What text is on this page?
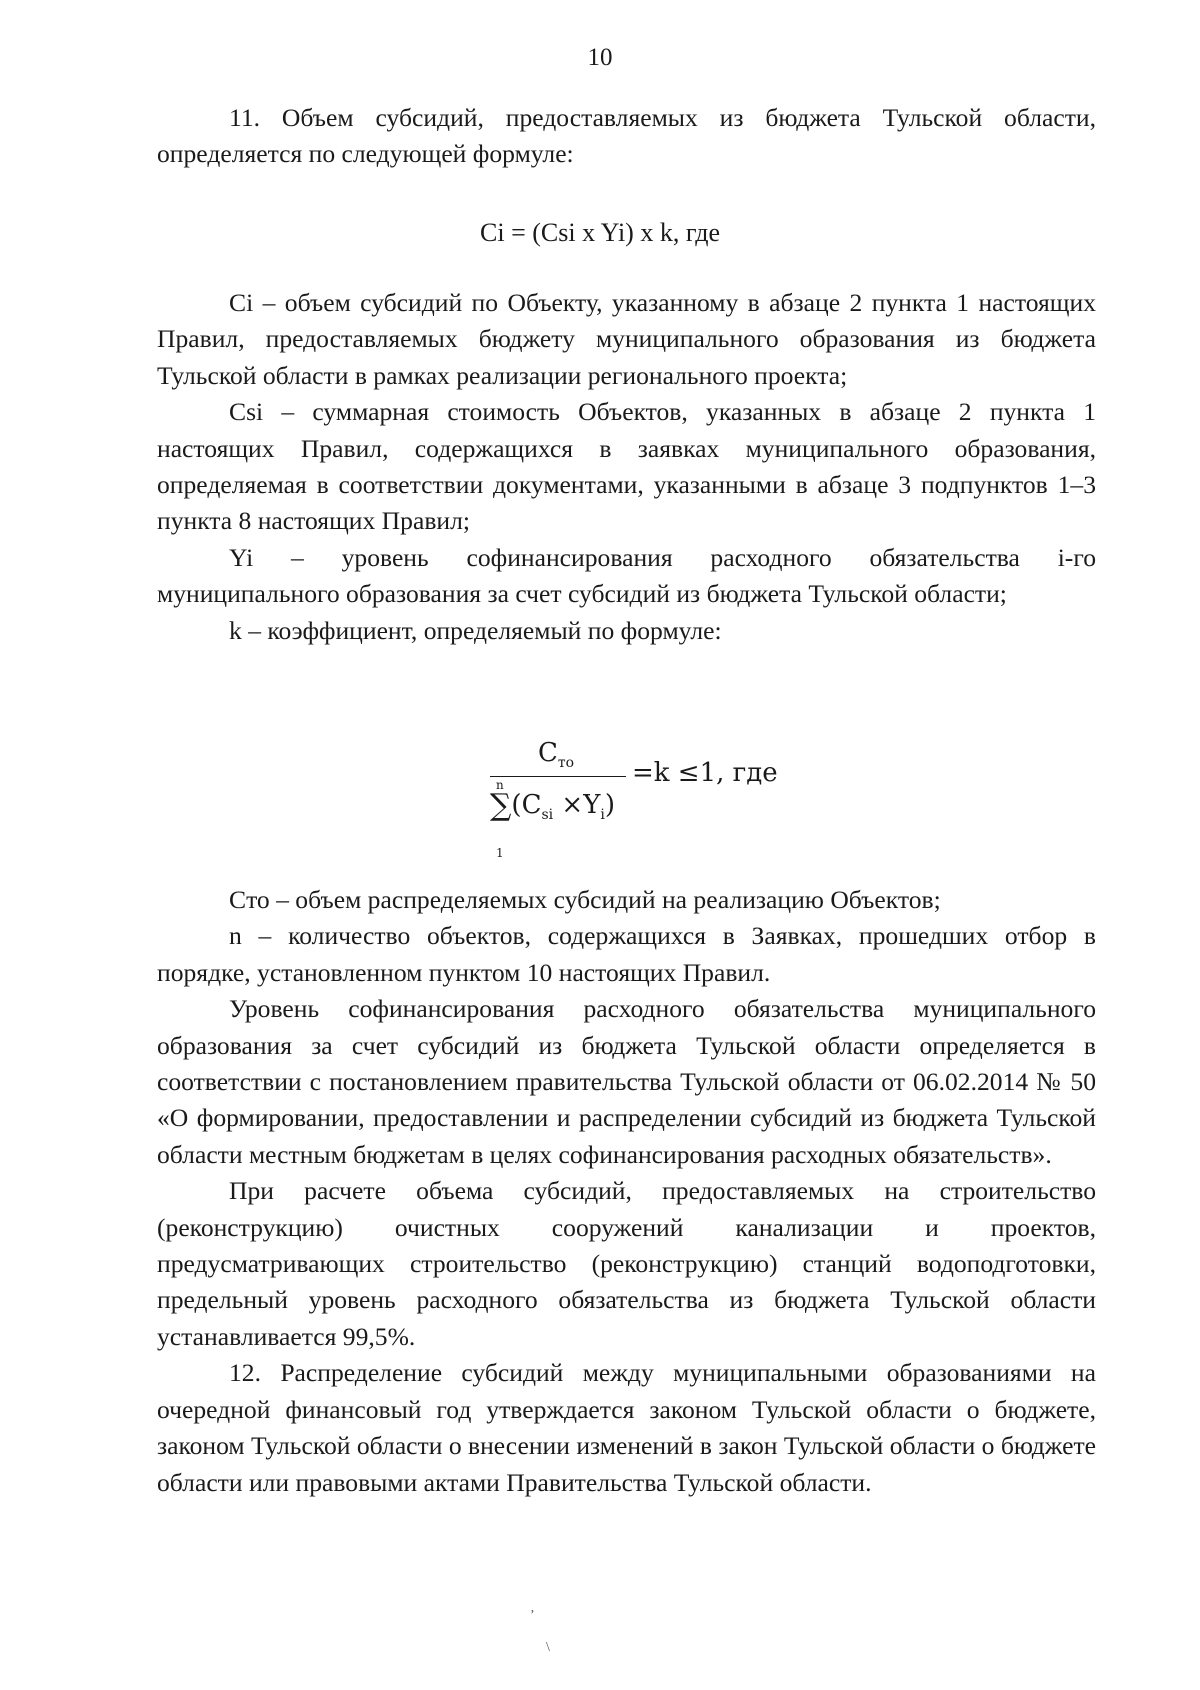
10

11. Объем субсидий, предоставляемых из бюджета Тульской области, определяется по следующей формуле:

Ci = (Csi x Yi) x k, где

Ci – объем субсидий по Объекту, указанному в абзаце 2 пункта 1 настоящих Правил, предоставляемых бюджету муниципального образования из бюджета Тульской области в рамках реализации регионального проекта;

Csi – суммарная стоимость Объектов, указанных в абзаце 2 пункта 1 настоящих Правил, содержащихся в заявках муниципального образования, определяемая в соответствии документами, указанными в абзаце 3 подпунктов 1–3 пункта 8 настоящих Правил;

Yi – уровень софинансирования расходного обязательства i-го муниципального образования за счет субсидий из бюджета Тульской области;

k – коэффициент, определяемый по формуле:

$C_{то}$
n
$\sum(C_{si} \times Y_i)$
1
=k ≤1, где

Cто – объем распределяемых субсидий на реализацию Объектов;

n – количество объектов, содержащихся в Заявках, прошедших отбор в порядке, установленном пунктом 10 настоящих Правил.

Уровень софинансирования расходного обязательства муниципального образования за счет субсидий из бюджета Тульской области определяется в соответствии с постановлением правительства Тульской области от 06.02.2014 № 50 «О формировании, предоставлении и распределении субсидий из бюджета Тульской области местным бюджетам в целях софинансирования расходных обязательств».

При расчете объема субсидий, предоставляемых на строительство (реконструкцию) очистных сооружений канализации и проектов, предусматривающих строительство (реконструкцию) станций водоподготовки, предельный уровень расходного обязательства из бюджета Тульской области устанавливается 99,5%.

12. Распределение субсидий между муниципальными образованиями на очередной финансовый год утверждается законом Тульской области о бюджете, законом Тульской области о внесении изменений в закон Тульской области о бюджете области или правовыми актами Правительства Тульской области.

ʼ
\
